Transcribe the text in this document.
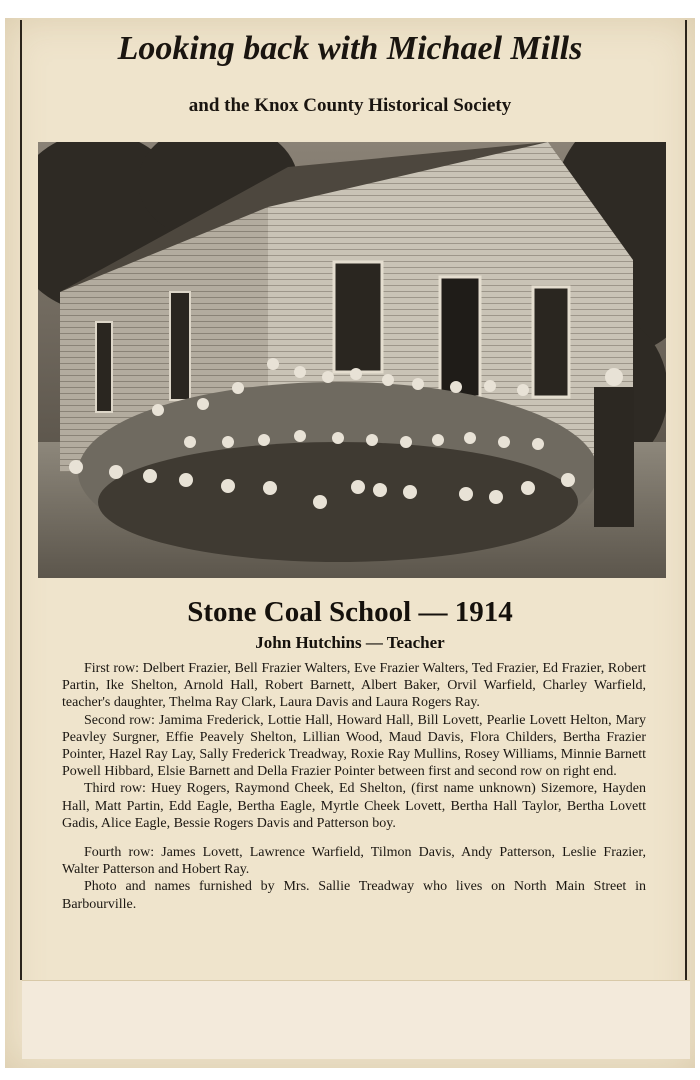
Looking back with Michael Mills
and the Knox County Historical Society
Stone Coal School — 1914
John Hutchins — Teacher

First row: Delbert Frazier, Bell Frazier Walters, Eve Frazier Walters, Ted Frazier, Ed Frazier, Robert Partin, Ike Shelton, Arnold Hall, Robert Barnett, Albert Baker, Orvil Warfield, Charley Warfield, teacher's daughter, Thelma Ray Clark, Laura Davis and Laura Rogers Ray.

Second row: Jamima Frederick, Lottie Hall, Howard Hall, Bill Lovett, Pearlie Lovett Helton, Mary Peavley Surgner, Effie Peavely Shelton, Lillian Wood, Maud Davis, Flora Childers, Bertha Frazier Pointer, Hazel Ray Lay, Sally Frederick Treadway, Roxie Ray Mullins, Rosey Williams, Minnie Barnett Powell Hibbard, Elsie Barnett and Della Frazier Pointer between first and second row on right end.

Third row: Huey Rogers, Raymond Cheek, Ed Shelton, (first name unknown) Sizemore, Hayden Hall, Matt Partin, Edd Eagle, Bertha Eagle, Myrtle Cheek Lovett, Bertha Hall Taylor, Bertha Lovett Gadis, Alice Eagle, Bessie Rogers Davis and Patterson boy.

Fourth row: James Lovett, Lawrence Warfield, Tilmon Davis, Andy Patterson, Leslie Frazier, Walter Patterson and Hobert Ray.

Photo and names furnished by Mrs. Sallie Treadway who lives on North Main Street in Barbourville.
